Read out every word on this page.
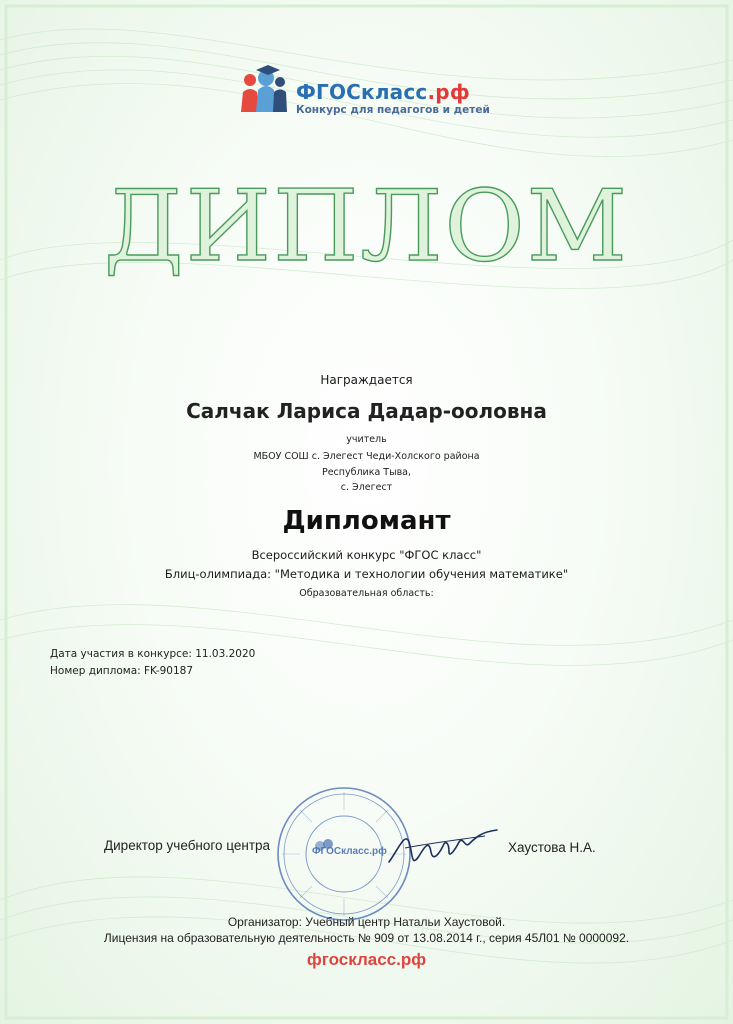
ФГОСкласс.рф
Конкурс для педагогов и детей
ДИПЛОМ
Награждается
Салчак Лариса Дадар-ооловна
учитель
МБОУ СОШ с. Элегест Чеди-Холского района
Республика Тыва,
с. Элегест
Дипломант
Всероссийский конкурс "ФГОС класс"
Блиц-олимпиада: "Методика и технологии обучения математике"
Образовательная область:
Дата участия в конкурсе: 11.03.2020
Номер диплома: FK-90187
Директор учебного центра	ФГОСкласс.рф	Хаустова Н.А.
Организатор: Учебный центр Натальи Хаустовой.
Лицензия на образовательную деятельность № 909 от 13.08.2014 г., серия 45Л01 № 0000092.
фгоскласс.рф
